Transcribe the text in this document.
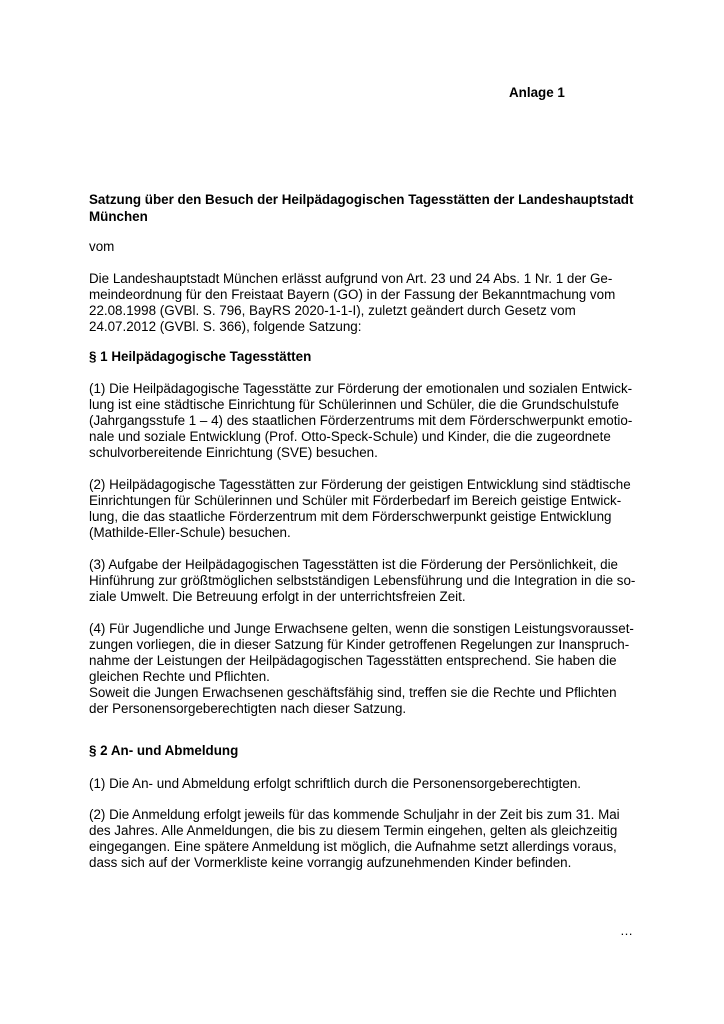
Anlage 1
Satzung über den Besuch der Heilpädagogischen Tagesstätten der Landeshauptstadt
München
vom
Die Landeshauptstadt München erlässt aufgrund von Art. 23 und 24 Abs. 1 Nr. 1 der Ge-
meindeordnung für den Freistaat Bayern (GO) in der Fassung der Bekanntmachung vom
22.08.1998 (GVBl. S. 796, BayRS 2020-1-1-I), zuletzt geändert durch Gesetz vom
24.07.2012 (GVBl. S. 366), folgende Satzung:
§ 1 Heilpädagogische Tagesstätten
(1) Die Heilpädagogische Tagesstätte zur Förderung der emotionalen und sozialen Entwick-
lung ist eine städtische Einrichtung für Schülerinnen und Schüler, die die Grundschulstufe
(Jahrgangsstufe 1 – 4) des staatlichen Förderzentrums mit dem Förderschwerpunkt emotio-
nale und soziale Entwicklung (Prof. Otto-Speck-Schule) und Kinder, die die zugeordnete
schulvorbereitende Einrichtung (SVE) besuchen.
(2) Heilpädagogische Tagesstätten zur Förderung der geistigen Entwicklung sind städtische
Einrichtungen für Schülerinnen und Schüler mit Förderbedarf im Bereich geistige Entwick-
lung, die das staatliche Förderzentrum mit dem Förderschwerpunkt geistige Entwicklung
(Mathilde-Eller-Schule) besuchen.
(3) Aufgabe der Heilpädagogischen Tagesstätten ist die Förderung der Persönlichkeit, die
Hinführung zur größtmöglichen selbstständigen Lebensführung und die Integration in die so-
ziale Umwelt. Die Betreuung erfolgt in der unterrichtsfreien Zeit.
(4) Für Jugendliche und Junge Erwachsene gelten, wenn die sonstigen Leistungsvorausset-
zungen vorliegen, die in dieser Satzung für Kinder getroffenen Regelungen zur Inanspruch-
nahme der Leistungen der Heilpädagogischen Tagesstätten entsprechend. Sie haben die
gleichen Rechte und Pflichten.
Soweit die Jungen Erwachsenen geschäftsfähig sind, treffen sie die Rechte und Pflichten
der Personensorgeberechtigten nach dieser Satzung.
§ 2 An- und Abmeldung
(1) Die An- und Abmeldung erfolgt schriftlich durch die Personensorgeberechtigten.
(2) Die Anmeldung erfolgt jeweils für das kommende Schuljahr in der Zeit bis zum 31. Mai
des Jahres. Alle Anmeldungen, die bis zu diesem Termin eingehen, gelten als gleichzeitig
eingegangen. Eine spätere Anmeldung ist möglich, die Aufnahme setzt allerdings voraus,
dass sich auf der Vormerkliste keine vorrangig aufzunehmenden Kinder befinden.
…
